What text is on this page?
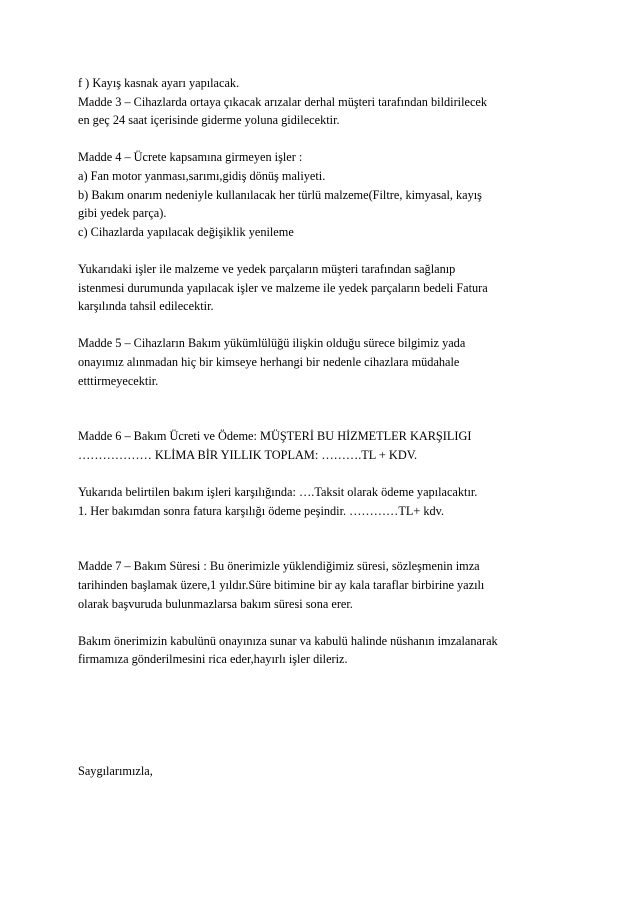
f ) Kayış kasnak ayarı yapılacak.
Madde 3 – Cihazlarda ortaya çıkacak arızalar derhal müşteri tarafından bildirilecek
en geç 24 saat içerisinde giderme yoluna gidilecektir.
Madde 4 – Ücrete kapsamına girmeyen işler :
a) Fan motor yanması,sarımı,gidiş dönüş maliyeti.
b) Bakım onarım nedeniyle kullanılacak her türlü malzeme(Filtre, kimyasal, kayış
gibi yedek parça).
c) Cihazlarda yapılacak değişiklik yenileme
Yukarıdaki işler ile malzeme ve yedek parçaların müşteri tarafından sağlanıp
istenmesi durumunda yapılacak işler ve malzeme ile yedek parçaların bedeli Fatura
karşılında tahsil edilecektir.
Madde 5 – Cihazların Bakım yükümlülüğü ilişkin olduğu sürece bilgimiz yada
onayımız alınmadan hiç bir kimseye herhangi bir nedenle cihazlara müdahale
etttirmeyecektir.
Madde 6 – Bakım Ücreti ve Ödeme: MÜŞTERİ BU HİZMETLER KARŞILIGI
……………… KLİMA BİR YILLIK TOPLAM: ……….TL + KDV.
Yukarıda belirtilen bakım işleri karşılığında: ….Taksit olarak ödeme yapılacaktır.
1. Her bakımdan sonra fatura karşılığı ödeme peşindir. …………TL+ kdv.
Madde 7 – Bakım Süresi : Bu önerimizle yüklendiğimiz süresi, sözleşmenin imza
tarihinden başlamak üzere,1 yıldır.Süre bitimine bir ay kala taraflar birbirine yazılı
olarak başvuruda bulunmazlarsa bakım süresi sona erer.
Bakım önerimizin kabulünü onayınıza sunar va kabulü halinde nüshanın imzalanarak
firmamıza gönderilmesini rica eder,hayırlı işler dileriz.
Saygılarımızla,
